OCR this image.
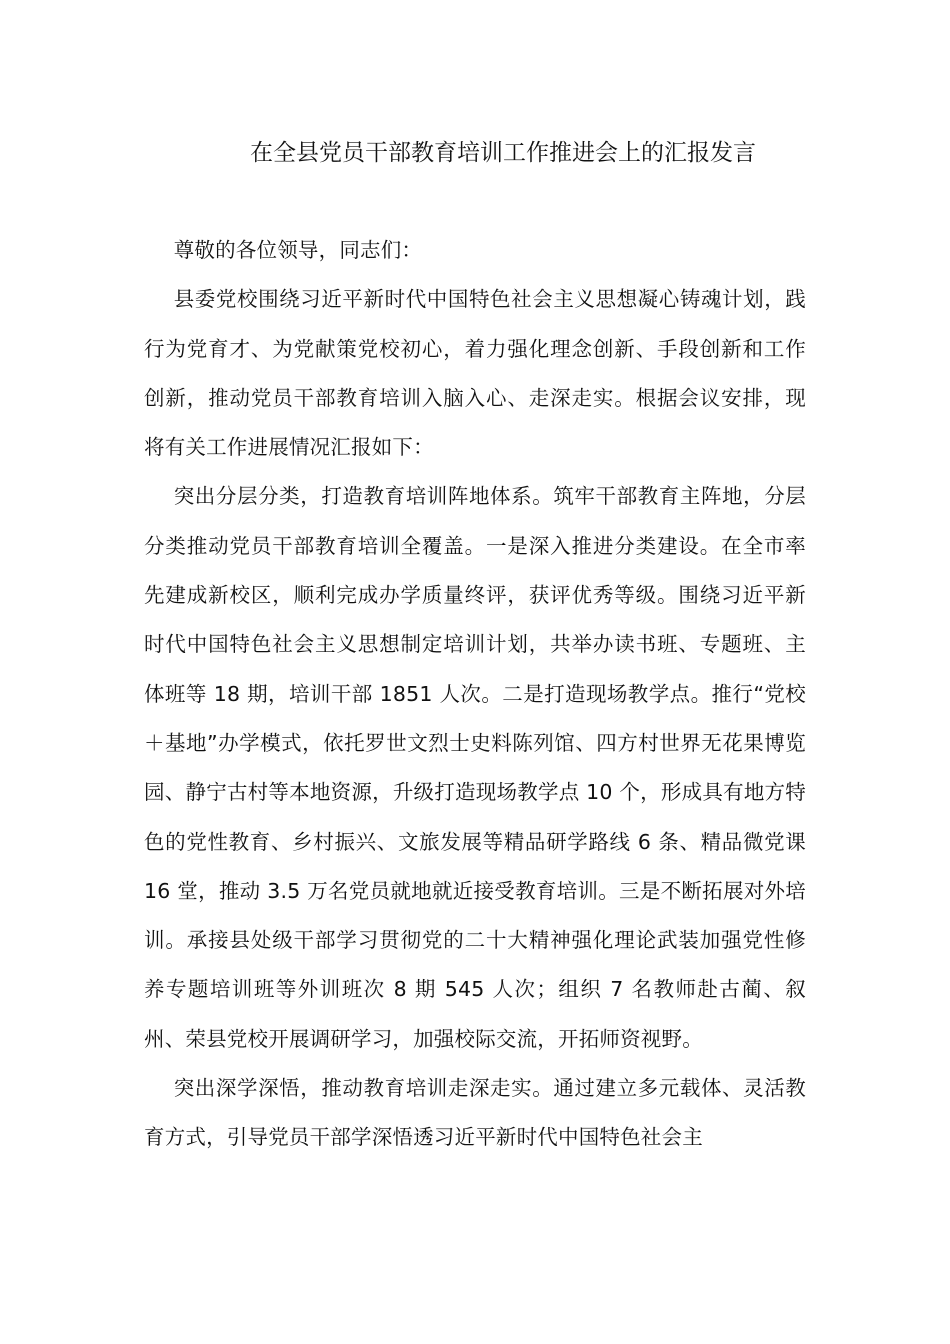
在全县党员干部教育培训工作推进会上的汇报发言

尊敬的各位领导，同志们：

县委党校围绕习近平新时代中国特色社会主义思想凝心铸魂计划，践行为党育才、为党献策党校初心，着力强化理念创新、手段创新和工作创新，推动党员干部教育培训入脑入心、走深走实。根据会议安排，现将有关工作进展情况汇报如下：

突出分层分类，打造教育培训阵地体系。筑牢干部教育主阵地，分层分类推动党员干部教育培训全覆盖。一是深入推进分类建设。在全市率先建成新校区，顺利完成办学质量终评，获评优秀等级。围绕习近平新时代中国特色社会主义思想制定培训计划，共举办读书班、专题班、主体班等 18 期，培训干部 1851 人次。二是打造现场教学点。推行“党校＋基地”办学模式，依托罗世文烈士史料陈列馆、四方村世界无花果博览园、静宁古村等本地资源，升级打造现场教学点 10 个，形成具有地方特色的党性教育、乡村振兴、文旅发展等精品研学路线 6 条、精品微党课 16 堂，推动 3.5 万名党员就地就近接受教育培训。三是不断拓展对外培训。承接县处级干部学习贯彻党的二十大精神强化理论武装加强党性修养专题培训班等外训班次 8 期 545 人次；组织 7 名教师赴古蔺、叙州、荣县党校开展调研学习，加强校际交流，开拓师资视野。

突出深学深悟，推动教育培训走深走实。通过建立多元载体、灵活教育方式，引导党员干部学深悟透习近平新时代中国特色社会主
